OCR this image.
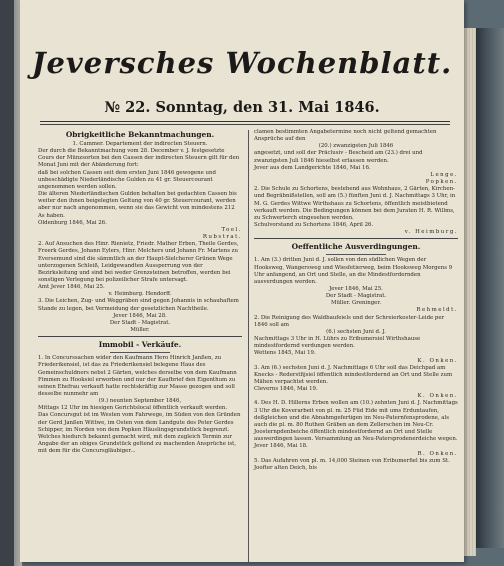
Jeversches Wochenblatt.
№ 22. Sonntag, den 31. Mai 1846.

Obrigkeitliche Bekanntmachungen.

1. Cammer. Departement der indirecten Steuern.

Der durch die Bekanntmachung vom 28. December v. J. festgesetzte Cours der Münzsorten bei den Cassen der indirecten Steuern gilt für den Monat Juni mit der Abänderung fort:

daß bei solchen Cassen seit dem ersten Juni 1846 gewogene und unbeschädigte Niederländische Gulden zu 41 gr. Steuercourant angenommen werden sollen.

Die älteren Niederländischen Gulden behalten bei gedachten Cassen bis weiter den ihnen beigelegten Geltung von 40 gr. Steuercourant, werden aber nur nach angenommen, wenn sie das Gewicht von mindestens 212 As haben.

Oldenburg 1846, Mai 26.

Toel.

Rubstrat.

2. Auf Ansuchen des Hinr. Rienietz, Friedr. Mather Erben, Theile Gerdes, Freerk Gerdes, Johann Eylers, Hinr. Melchers und Johann Fr. Martens zu Eversemund sind die sämmtlich an der Haupt-Sielcherer Grünen Wege unterzogenen Schleiß, Leidgewandten Aussperrung von der Bezirksleitung und sind bei weder Grenzsteinen betroffen, werden bei sonstigen Verlegung bei polizeilicher Strafe untersagt.

Amt Jever 1846, Mai 25.

v. Heimburg. Hendorff.

3. Die Leichen, Zug- und Weggräben sind gegen Johannis in schauhaftem Stande zu legen, bei Vermeidung der gesetzlichen Nachtheile.

Jever 1846, Mai 28.

Der Stadt - Magistrat.

Müller.

Immobil - Verkäufe.

1. In Concurssachen wider den Kaufmann Hero Hinrich Janßen, zu Friederikensiel, ist das zu Friederikensiel belegene Haus des Gemeinschuldners nebst 2 Gärten, welches derselbe von dem Kaufmann Fimmen zu Hooksiel erworben und nur der Kaufbrief den Eigenthum zu seinen Ehefrau verkauft hatte rechtskräftig zur Masse gezogen und soll desselbe nunmehr am

(9.) neunten September 1846,

Mittags 12 Uhr im hiesigen Gerichtslocal öffentlich verkauft werden.

Das Concursgut ist im Westen vom Fahrwege, im Süden von den Gründen der Gerd Janßen Wittwe, im Osten von dem Landgute des Peter Gerdes Schipper, im Norden von dem Popken Häuslingsgrundstück begrenzt.

Welches hiedurch bekannt gemacht wird, mit dem zugleich Termin zur Angabe der an obiges Grundstück geltend zu machenden Ansprüche ist, mit dem für die Concursgläubiger...

clamen bestimmten Angabetermine noch nicht geltend gemachten Ansprüche auf den

(20.) zwanzigsten Juli 1846

angesetzt, und soll der Präclusiv - Bescheid am (23.) drei und zwanzigsten Juli 1846 hieselbst erlassen werden.

Jever aus dem Landgerichte 1846, Mai 16.

Lenge.

Popken.

2. Die Schule zu Schortens, bestehend aus Wohnhaus, 2 Gärten, Kirchen- und Begräbnißstellen, soll am (5.) fünften Juni d. J. Nachmittags 3 Uhr, in M. G. Gerdes Wittwe Wirthshaus zu Schortens, öffentlich meistbietend verkauft werden. Die Bedingungen können bei dem Juraten H. R. Willms, zu Schwerterch eingesehen werden.

Schulvorstand zu Schortens 1846, April 26.

v. Heimburg.

Oeffentliche Ausverdingungen.

1. Am (3.) dritten Juni d. J. sollen von den südlichen Wegen der Hooksweg, Wangersweg und Wiesfetierweg, beim Hooksweg Morgens 9 Uhr anfangend, an Ort und Stelle, an die Mindestfordernden ausverdungen werden.

Jever 1846, Mai 25.

Der Stadt - Magistrat.

Müller. Greninger.

Rehmeldt.

2. Die Reinigung des Waldbaufeiels und der Schreierkoster-Leide per 1846 soll am

(6.) sechsten Juni d. J.

Nachmittags 3 Uhr in H. Lührs zu Eribumersiel Wirthshause mindestfordernd verdungen werden.

Wettens 1845, Mai 19.

K. Onken.

3. Am (6.) sechsten Juni d. J. Nachmittags 6 Uhr soll das Deichpad am Knecks - Rederstfijsiel öffentlich mindestfordernd an Ort und Stelle zum Mähen verpachtet werden.

Cleverns 1846, Mai 19.

K. Onken.

4. Des H. D. Hillerns Erben wollen am (10.) zehnten Juni d. J. Nachmittags 3 Uhr die Koverarbeit von pl. m. 25 Füd Eide mit ums Erduntaufen, deßgleichen und die Abnahmgefertigen im Neu-Paternfensprodene, als auch die pl. m. 80 Ruthen Gräben an dem Zellerschen im Neu-Cr. Joosternpdenbeiche öffentlich mindestfordernd an Ort und Stelle auswerdingen lassen. Versammlung an Neu-Patersprodenerdeiche wegen.

Jever 1846, Mai 18.

R. Onken.

5. Das Aufahren von pl. m. 14,000 Steinen von Eribumerfiel bis zum St. Joofter alten Deich, bis
